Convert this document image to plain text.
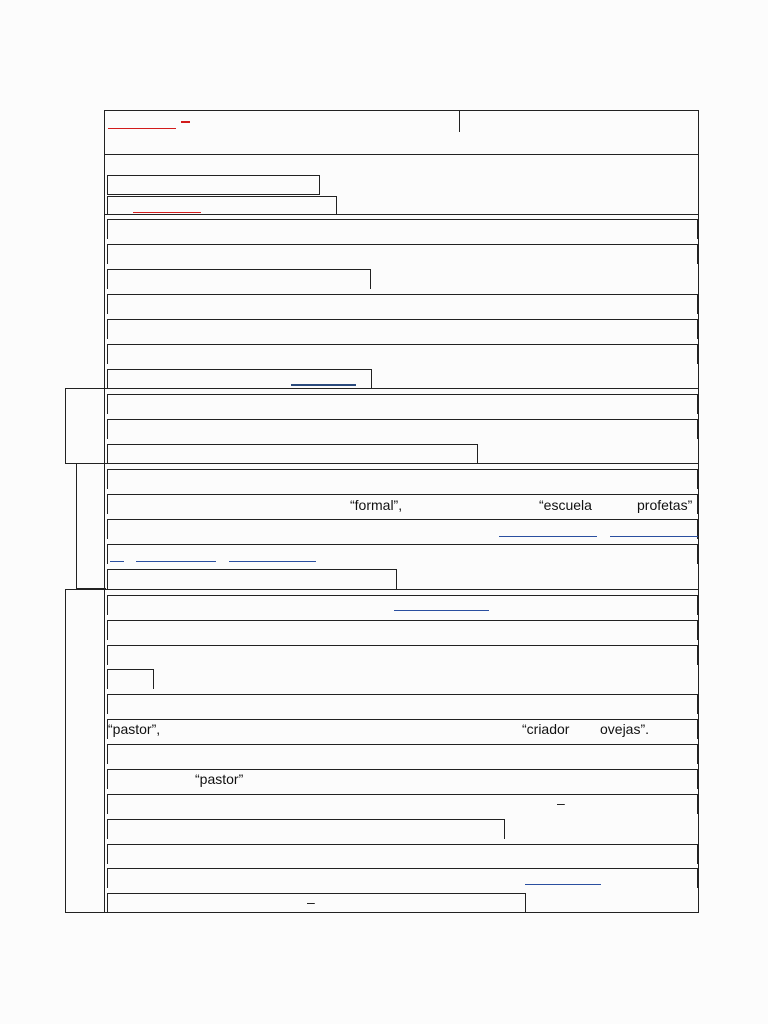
“formal”,	“escuela	profetas”
“pastor”,	“criador ovejas”.
“pastor”
–
–
